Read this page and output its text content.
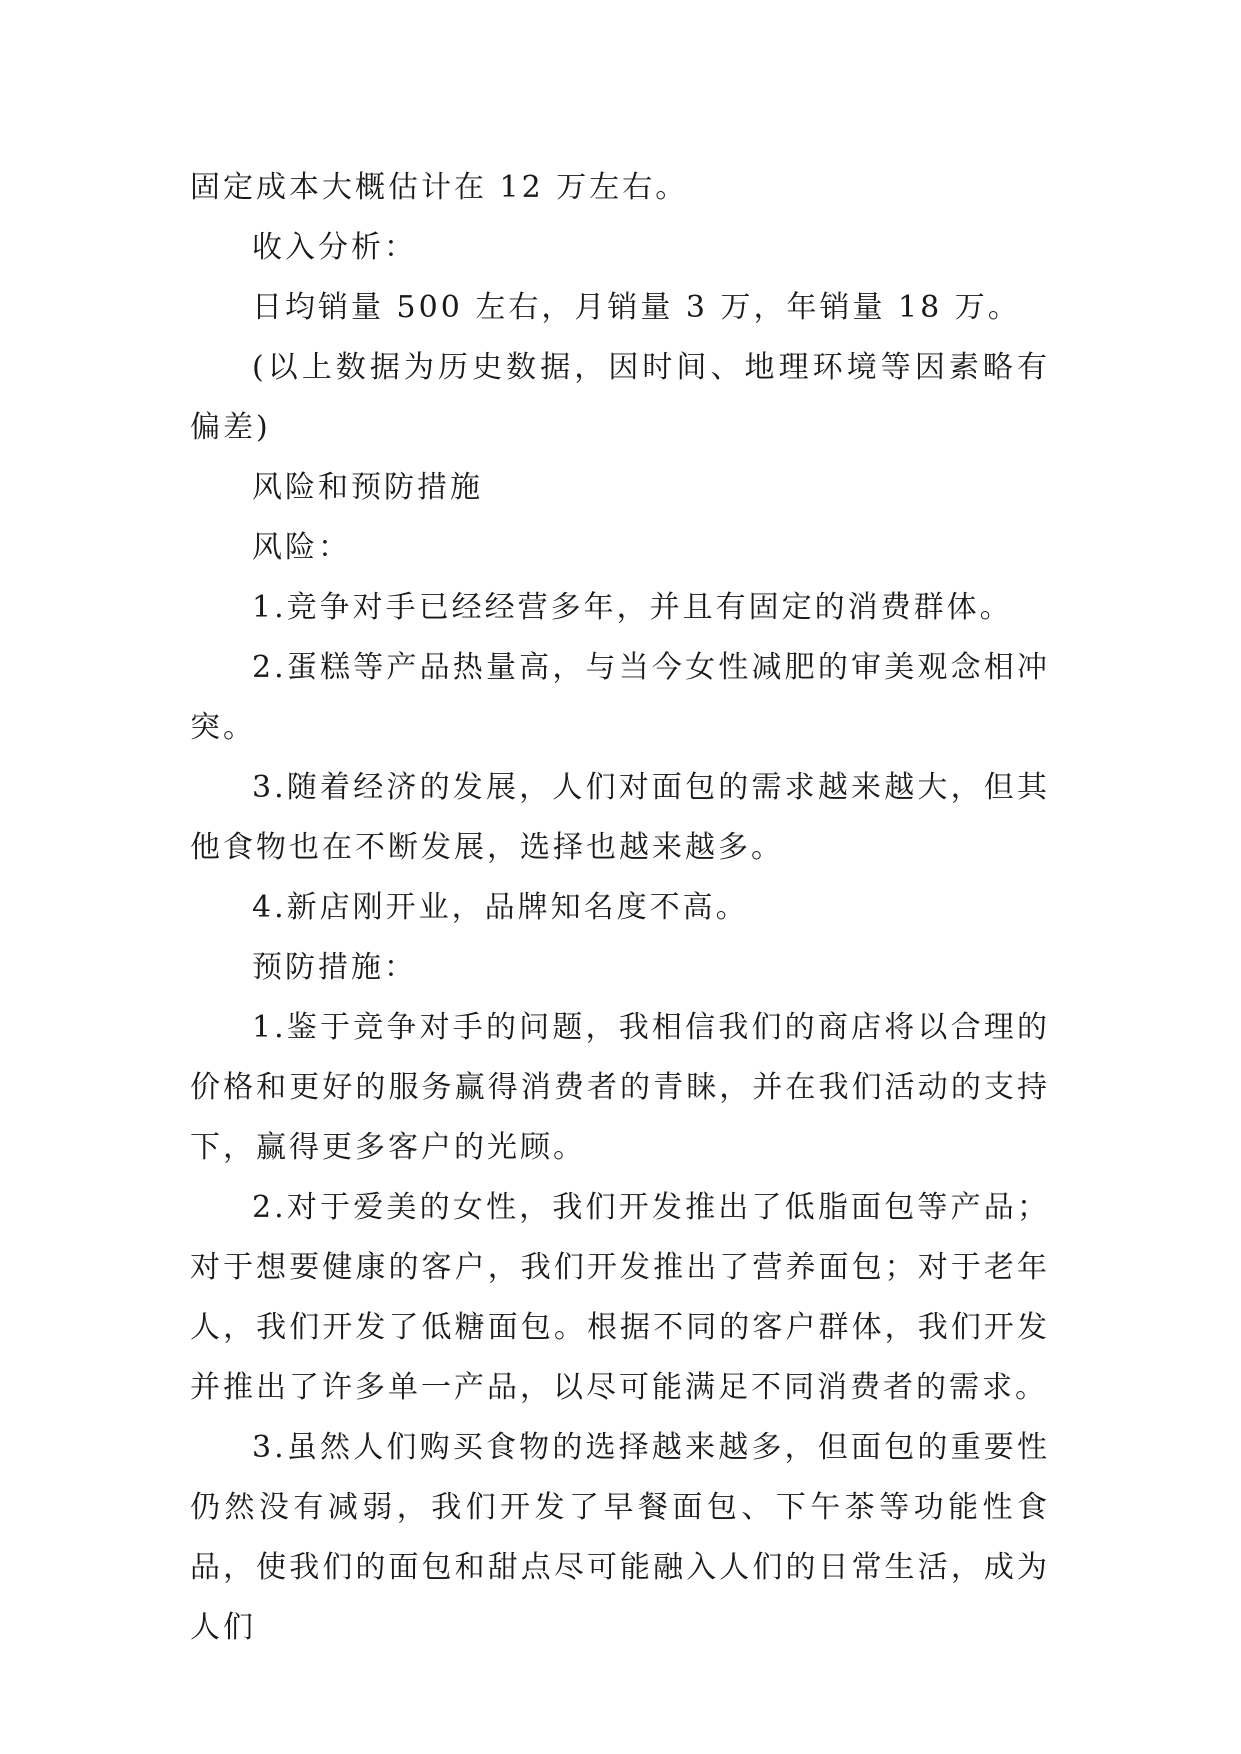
固定成本大概估计在 12 万左右。

收入分析：

日均销量 500 左右，月销量 3 万，年销量 18 万。

(以上数据为历史数据，因时间、地理环境等因素略有偏差)

风险和预防措施

风险：

1.竞争对手已经经营多年，并且有固定的消费群体。

2.蛋糕等产品热量高，与当今女性减肥的审美观念相冲突。

3.随着经济的发展，人们对面包的需求越来越大，但其他食物也在不断发展，选择也越来越多。

4.新店刚开业，品牌知名度不高。

预防措施：

1.鉴于竞争对手的问题，我相信我们的商店将以合理的价格和更好的服务赢得消费者的青睐，并在我们活动的支持下，赢得更多客户的光顾。

2.对于爱美的女性，我们开发推出了低脂面包等产品；对于想要健康的客户，我们开发推出了营养面包；对于老年人，我们开发了低糖面包。根据不同的客户群体，我们开发并推出了许多单一产品，以尽可能满足不同消费者的需求。

3.虽然人们购买食物的选择越来越多，但面包的重要性仍然没有减弱，我们开发了早餐面包、下午茶等功能性食品，使我们的面包和甜点尽可能融入人们的日常生活，成为人们
